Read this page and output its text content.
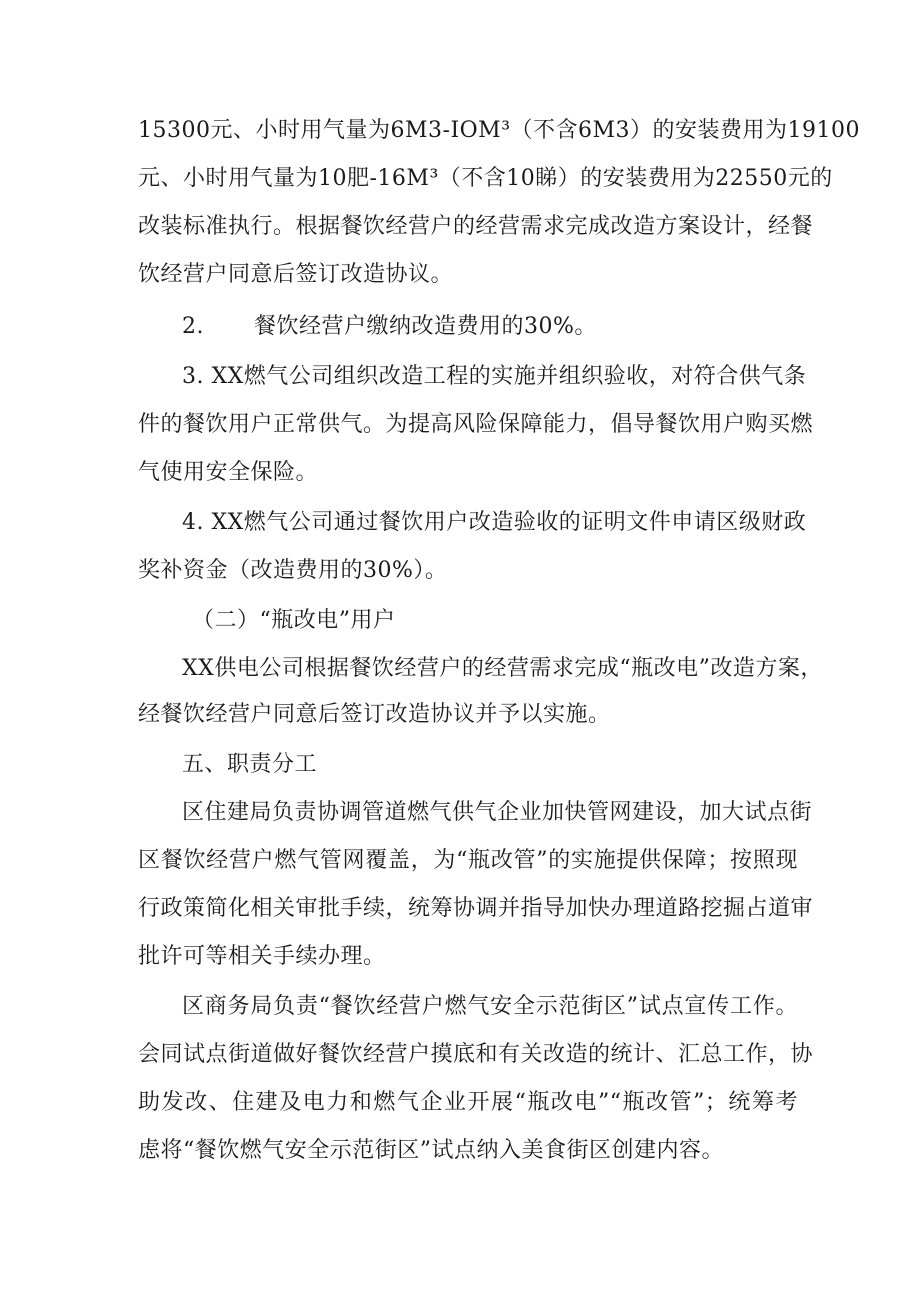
15300元、小时用气量为6M3-IOM³（不含6M3）的安装费用为19100
元、小时用气量为10肥-16M³（不含10睇）的安装费用为22550元的
改装标准执行。根据餐饮经营户的经营需求完成改造方案设计，经餐
饮经营户同意后签订改造协议。
2. 餐饮经营户缴纳改造费用的30%。
3. XX燃气公司组织改造工程的实施并组织验收，对符合供气条
件的餐饮用户正常供气。为提高风险保障能力，倡导餐饮用户购买燃
气使用安全保险。
4. XX燃气公司通过餐饮用户改造验收的证明文件申请区级财政
奖补资金（改造费用的30%）。
（二）“瓶改电”用户
XX供电公司根据餐饮经营户的经营需求完成“瓶改电”改造方案，
经餐饮经营户同意后签订改造协议并予以实施。
五、职责分工
区住建局负责协调管道燃气供气企业加快管网建设，加大试点街
区餐饮经营户燃气管网覆盖，为“瓶改管”的实施提供保障；按照现
行政策简化相关审批手续，统筹协调并指导加快办理道路挖掘占道审
批许可等相关手续办理。
区商务局负责“餐饮经营户燃气安全示范街区”试点宣传工作。
会同试点街道做好餐饮经营户摸底和有关改造的统计、汇总工作，协
助发改、住建及电力和燃气企业开展“瓶改电”“瓶改管”；统筹考
虑将“餐饮燃气安全示范街区”试点纳入美食街区创建内容。
